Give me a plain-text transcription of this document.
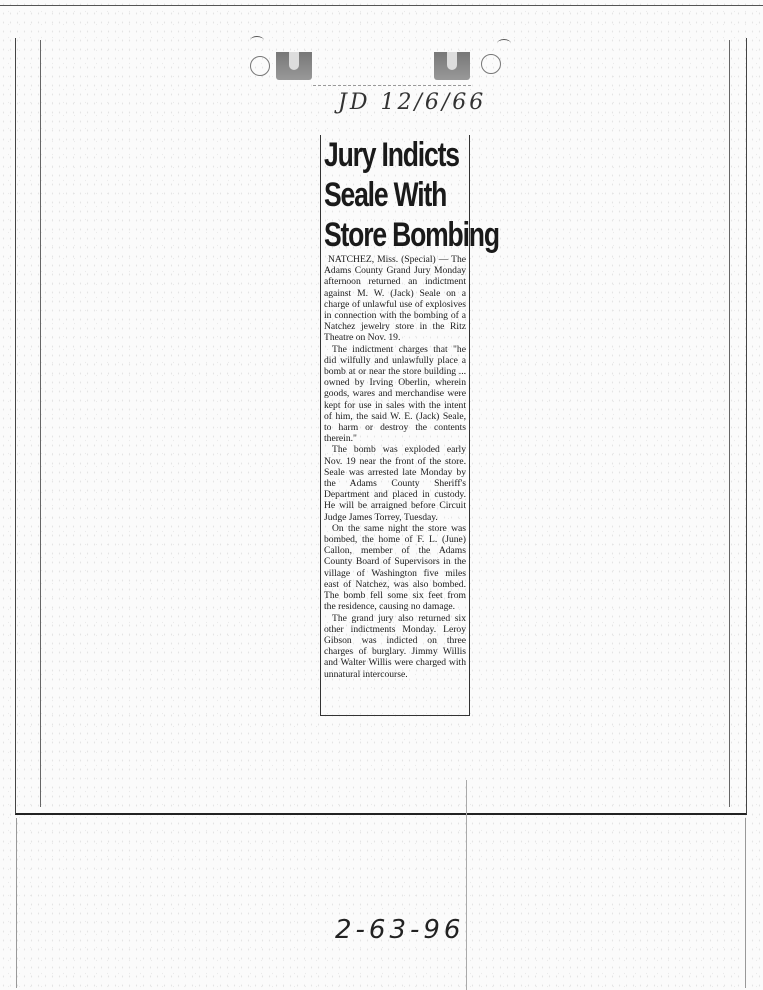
JD 12/6/66
Jury Indicts
Seale With
Store Bombing

NATCHEZ, Miss. (Special) — The Adams County Grand Jury Monday afternoon returned an indictment against M. W. (Jack) Seale on a charge of unlawful use of explosives in connection with the bombing of a Natchez jewelry store in the Ritz Theatre on Nov. 19.

The indictment charges that "he did wilfully and unlawfully place a bomb at or near the store building ... owned by Irving Oberlin, wherein goods, wares and merchandise were kept for use in sales with the intent of him, the said W. E. (Jack) Seale, to harm or destroy the contents therein."

The bomb was exploded early Nov. 19 near the front of the store. Seale was arrested late Monday by the Adams County Sheriff's Department and placed in custody. He will be arraigned before Circuit Judge James Torrey, Tuesday.

On the same night the store was bombed, the home of F. L. (June) Callon, member of the Adams County Board of Supervisors in the village of Washington five miles east of Natchez, was also bombed. The bomb fell some six feet from the residence, causing no damage.

The grand jury also returned six other indictments Monday. Leroy Gibson was indicted on three charges of burglary. Jimmy Willis and Walter Willis were charged with unnatural intercourse.

2-63-96
